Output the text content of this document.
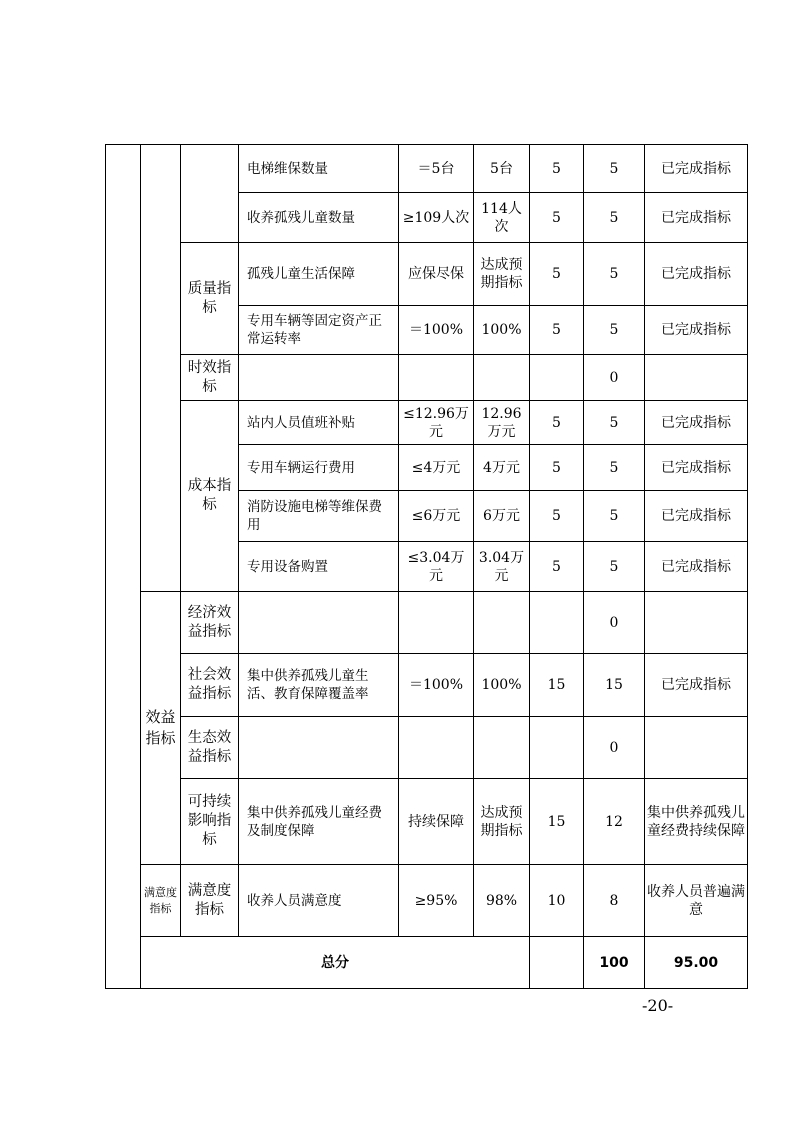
			电梯维保数量	＝5台	5台	5	5	已完成指标	
			收养孤残儿童数量	≥109人次	114人次	5	5	已完成指标	
		质量指标	孤残儿童生活保障	应保尽保	达成预期指标	5	5	已完成指标	
			专用车辆等固定资产正常运转率	＝100%	100%	5	5	已完成指标	
		时效指标					0		
		成本指标	站内人员值班补贴	≤12.96万元	12.96万元	5	5	已完成指标	
			专用车辆运行费用	≤4万元	4万元	5	5	已完成指标	
			消防设施电梯等维保费用	≤6万元	6万元	5	5	已完成指标	
			专用设备购置	≤3.04万元	3.04万元	5	5	已完成指标	
	效益指标	经济效益指标					0		
		社会效益指标	集中供养孤残儿童生活、教育保障覆盖率	＝100%	100%	15	15	已完成指标	
		生态效益指标					0		
		可持续影响指标	集中供养孤残儿童经费及制度保障	持续保障	达成预期指标	15	12	集中供养孤残儿童经费持续保障	
	满意度指标	满意度指标	收养人员满意度	≥95%	98%	10	8	收养人员普遍满意	
	总分						100	95.00	
-20-
